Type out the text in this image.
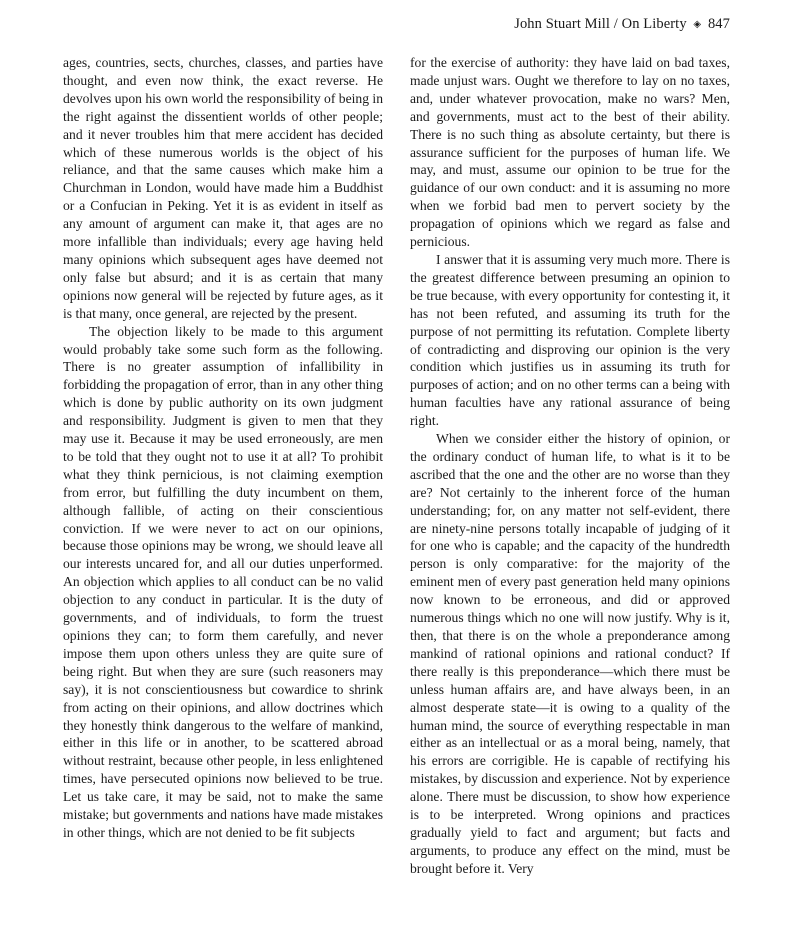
John Stuart Mill / On Liberty ◈ 847

ages, countries, sects, churches, classes, and parties have thought, and even now think, the exact reverse. He devolves upon his own world the responsibility of being in the right against the dissentient worlds of other people; and it never troubles him that mere accident has decided which of these numerous worlds is the object of his reliance, and that the same causes which make him a Churchman in London, would have made him a Buddhist or a Confucian in Peking. Yet it is as evident in itself as any amount of argument can make it, that ages are no more infallible than individuals; every age having held many opinions which subsequent ages have deemed not only false but absurd; and it is as certain that many opinions now general will be rejected by future ages, as it is that many, once general, are rejected by the present.

The objection likely to be made to this argument would probably take some such form as the following. There is no greater assumption of infallibility in forbidding the propagation of error, than in any other thing which is done by public authority on its own judgment and responsibility. Judgment is given to men that they may use it. Because it may be used erroneously, are men to be told that they ought not to use it at all? To prohibit what they think pernicious, is not claiming exemption from error, but fulfilling the duty incumbent on them, although fallible, of acting on their conscientious conviction. If we were never to act on our opinions, because those opinions may be wrong, we should leave all our interests uncared for, and all our duties unperformed. An objection which applies to all conduct can be no valid objection to any conduct in particular. It is the duty of governments, and of individuals, to form the truest opinions they can; to form them carefully, and never impose them upon others unless they are quite sure of being right. But when they are sure (such reasoners may say), it is not conscientiousness but cowardice to shrink from acting on their opinions, and allow doctrines which they honestly think dangerous to the welfare of mankind, either in this life or in another, to be scattered abroad without restraint, because other people, in less enlightened times, have persecuted opinions now believed to be true. Let us take care, it may be said, not to make the same mistake; but governments and nations have made mistakes in other things, which are not denied to be fit subjects

for the exercise of authority: they have laid on bad taxes, made unjust wars. Ought we therefore to lay on no taxes, and, under whatever provocation, make no wars? Men, and governments, must act to the best of their ability. There is no such thing as absolute certainty, but there is assurance sufficient for the purposes of human life. We may, and must, assume our opinion to be true for the guidance of our own conduct: and it is assuming no more when we forbid bad men to pervert society by the propagation of opinions which we regard as false and pernicious.

I answer that it is assuming very much more. There is the greatest difference between presuming an opinion to be true because, with every opportunity for contesting it, it has not been refuted, and assuming its truth for the purpose of not permitting its refutation. Complete liberty of contradicting and disproving our opinion is the very condition which justifies us in assuming its truth for purposes of action; and on no other terms can a being with human faculties have any rational assurance of being right.

When we consider either the history of opinion, or the ordinary conduct of human life, to what is it to be ascribed that the one and the other are no worse than they are? Not certainly to the inherent force of the human understanding; for, on any matter not self-evident, there are ninety-nine persons totally incapable of judging of it for one who is capable; and the capacity of the hundredth person is only comparative: for the majority of the eminent men of every past generation held many opinions now known to be erroneous, and did or approved numerous things which no one will now justify. Why is it, then, that there is on the whole a preponderance among mankind of rational opinions and rational conduct? If there really is this preponderance—which there must be unless human affairs are, and have always been, in an almost desperate state—it is owing to a quality of the human mind, the source of everything respectable in man either as an intellectual or as a moral being, namely, that his errors are corrigible. He is capable of rectifying his mistakes, by discussion and experience. Not by experience alone. There must be discussion, to show how experience is to be interpreted. Wrong opinions and practices gradually yield to fact and argument; but facts and arguments, to produce any effect on the mind, must be brought before it. Very
